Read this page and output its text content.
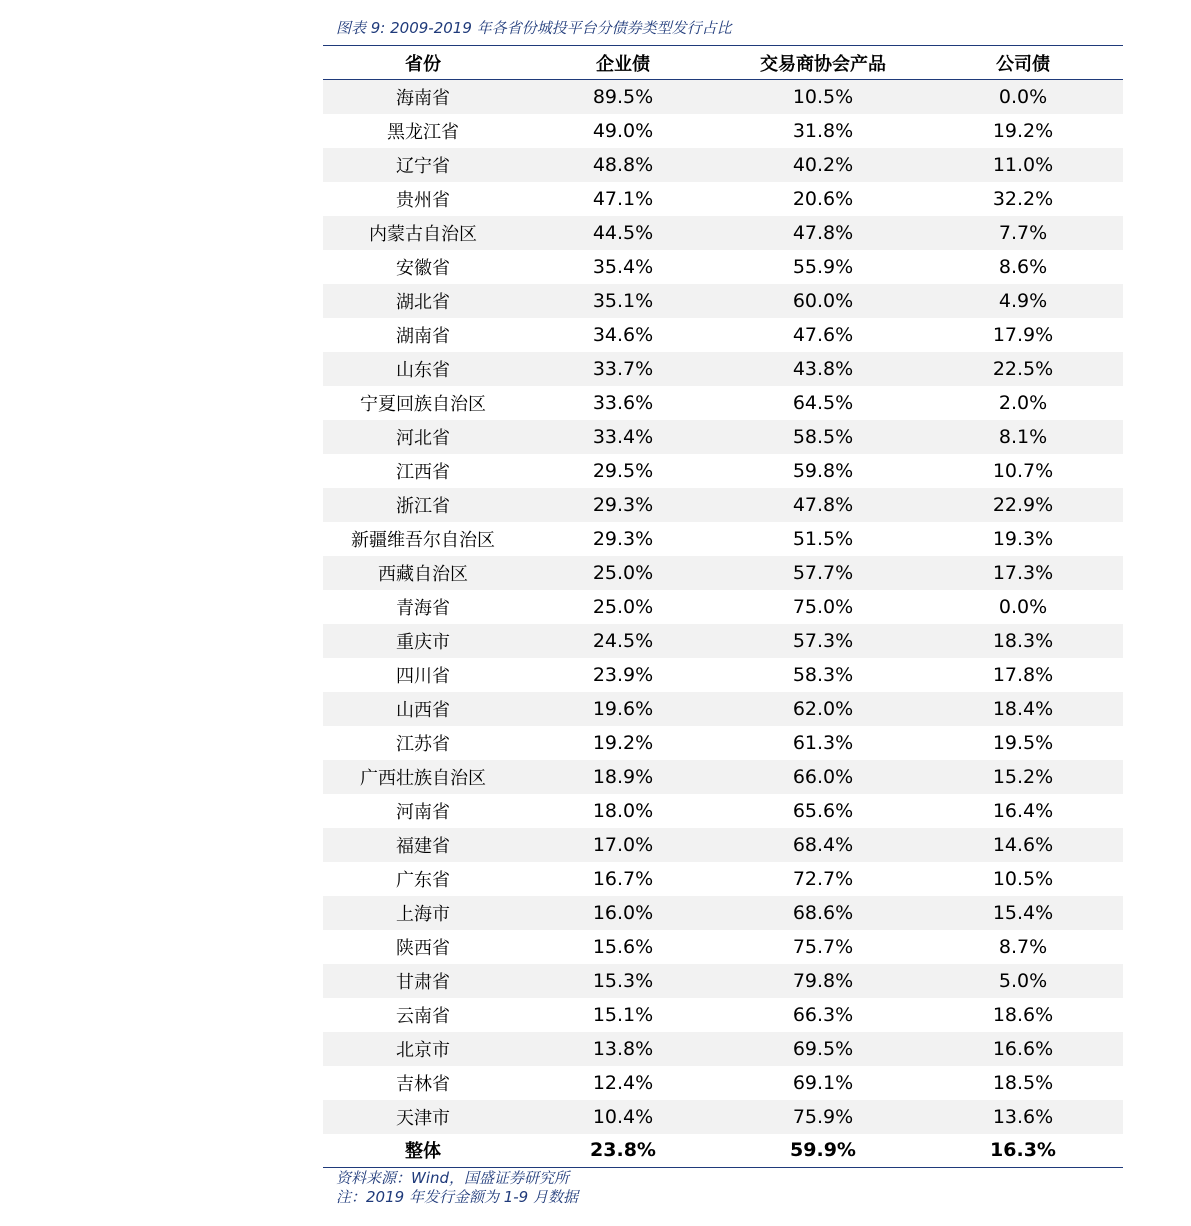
图表 9: 2009-2019 年各省份城投平台分债券类型发行占比
省份	企业债	交易商协会产品	公司债
海南省	89.5%	10.5%	0.0%
黑龙江省	49.0%	31.8%	19.2%
辽宁省	48.8%	40.2%	11.0%
贵州省	47.1%	20.6%	32.2%
内蒙古自治区	44.5%	47.8%	7.7%
安徽省	35.4%	55.9%	8.6%
湖北省	35.1%	60.0%	4.9%
湖南省	34.6%	47.6%	17.9%
山东省	33.7%	43.8%	22.5%
宁夏回族自治区	33.6%	64.5%	2.0%
河北省	33.4%	58.5%	8.1%
江西省	29.5%	59.8%	10.7%
浙江省	29.3%	47.8%	22.9%
新疆维吾尔自治区	29.3%	51.5%	19.3%
西藏自治区	25.0%	57.7%	17.3%
青海省	25.0%	75.0%	0.0%
重庆市	24.5%	57.3%	18.3%
四川省	23.9%	58.3%	17.8%
山西省	19.6%	62.0%	18.4%
江苏省	19.2%	61.3%	19.5%
广西壮族自治区	18.9%	66.0%	15.2%
河南省	18.0%	65.6%	16.4%
福建省	17.0%	68.4%	14.6%
广东省	16.7%	72.7%	10.5%
上海市	16.0%	68.6%	15.4%
陕西省	15.6%	75.7%	8.7%
甘肃省	15.3%	79.8%	5.0%
云南省	15.1%	66.3%	18.6%
北京市	13.8%	69.5%	16.6%
吉林省	12.4%	69.1%	18.5%
天津市	10.4%	75.9%	13.6%
整体	23.8%	59.9%	16.3%
资料来源：Wind，国盛证券研究所
注：2019 年发行金额为 1-9 月数据
